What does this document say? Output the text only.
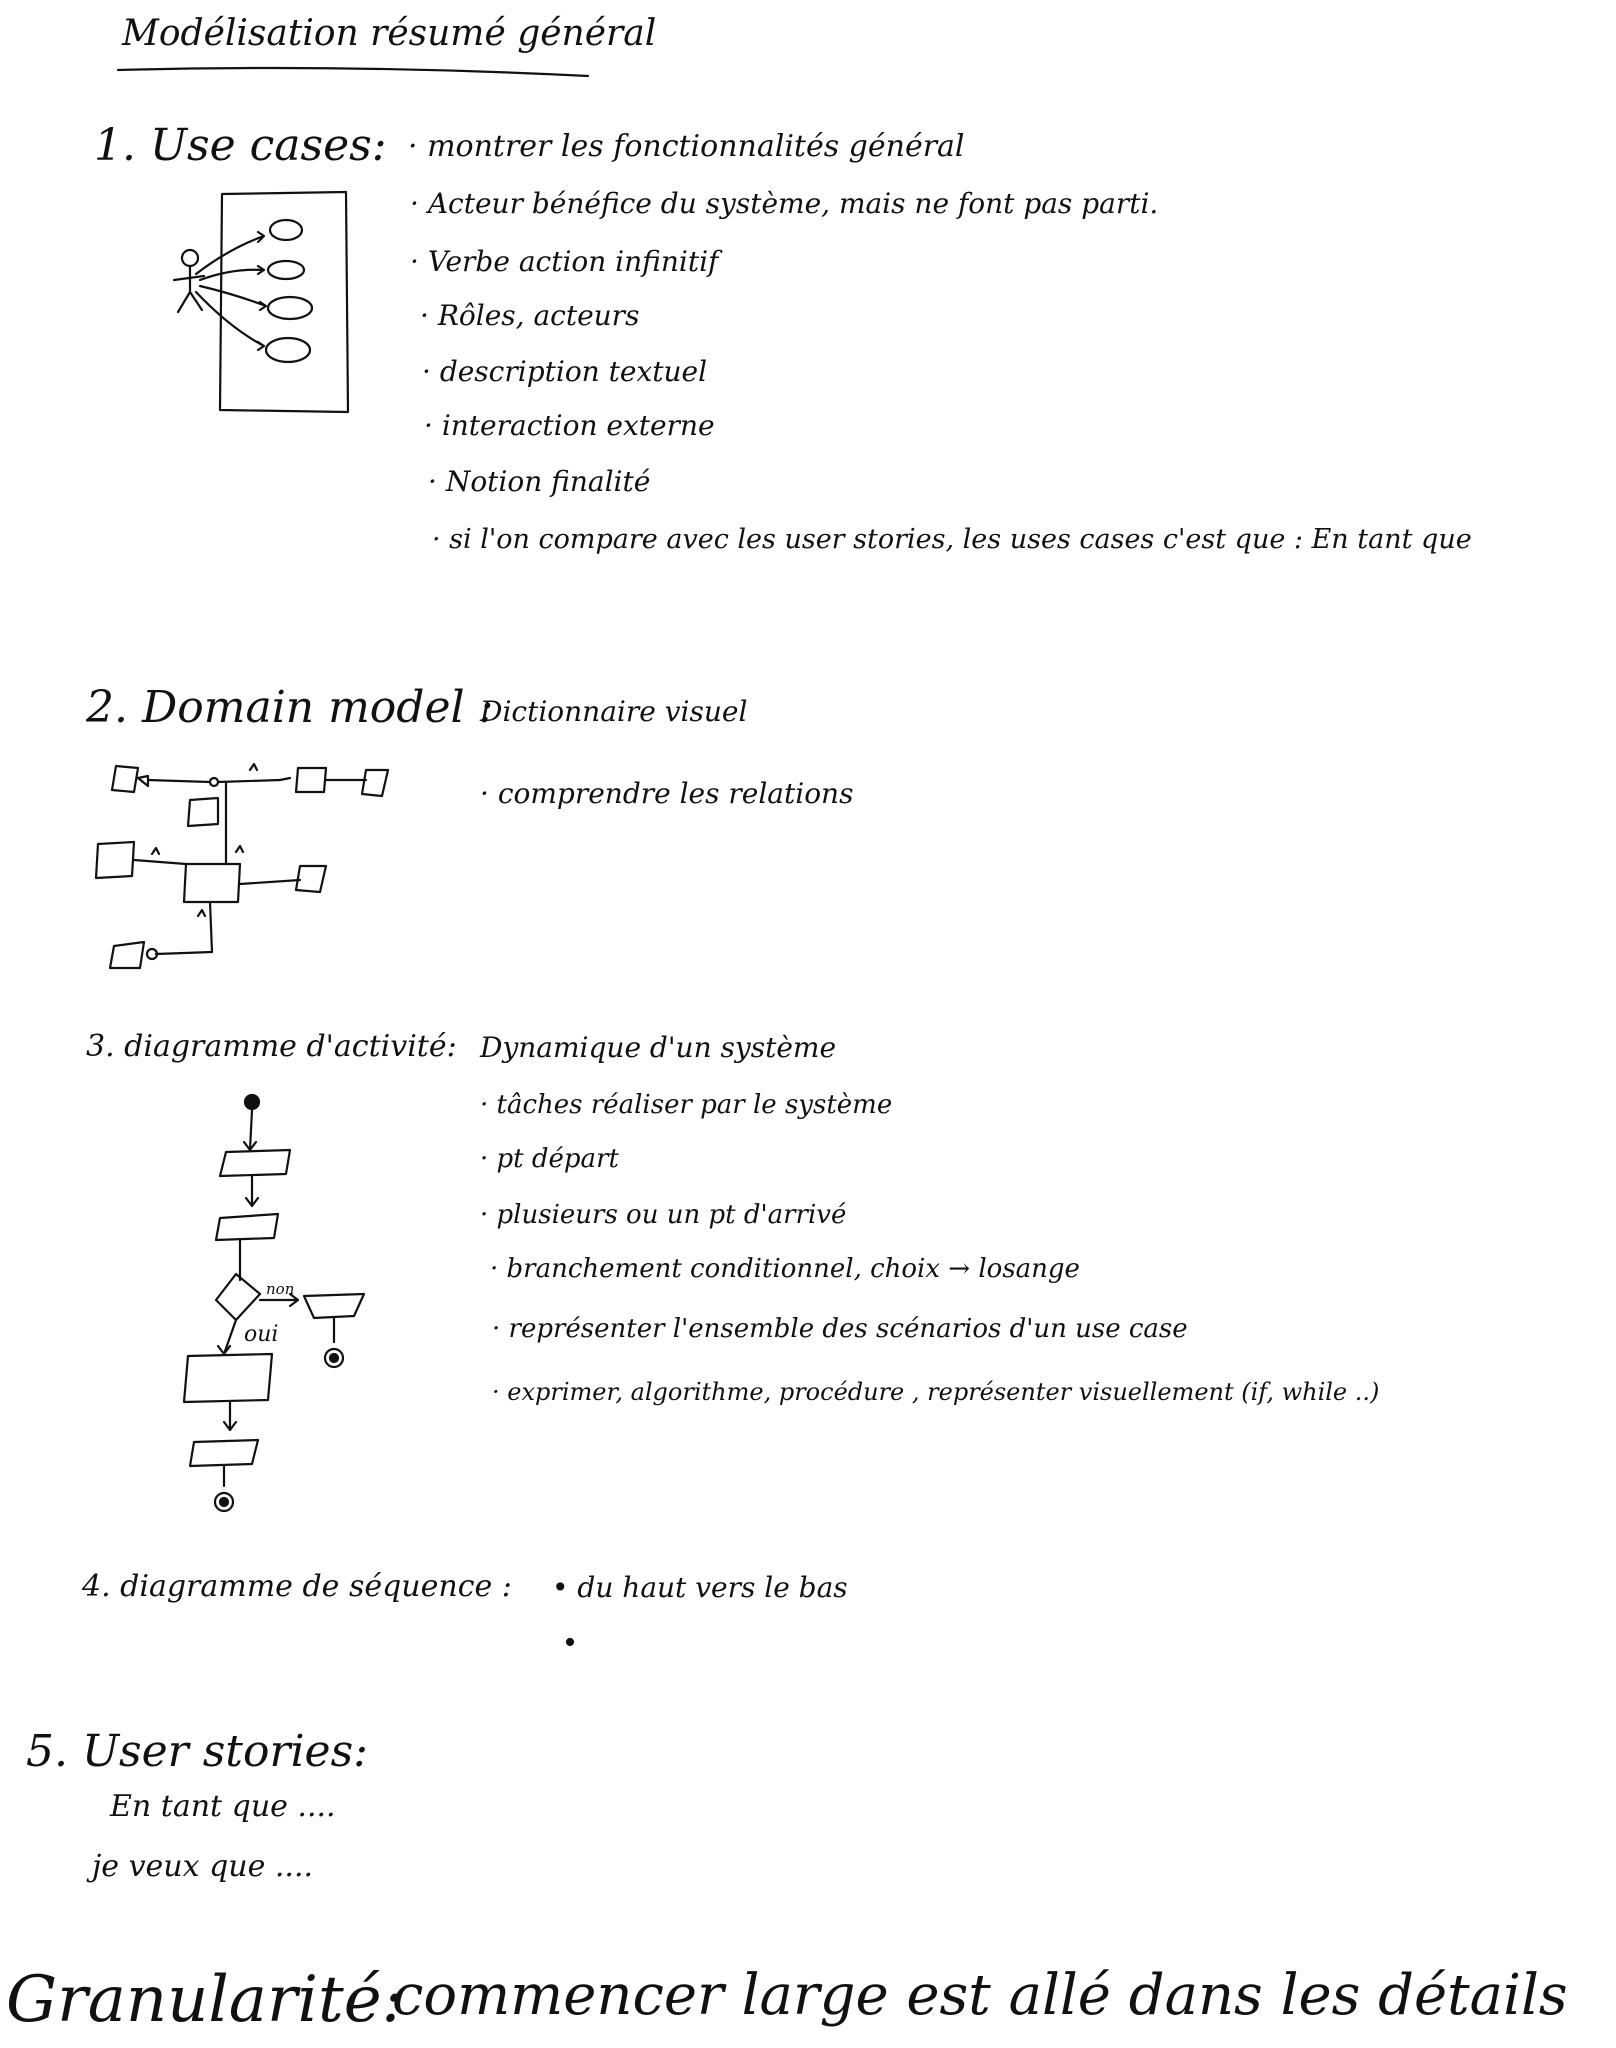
Modélisation résumé général
1. Use cases: · montrer les fonctionnalités général
· Acteur bénéfice du système, mais ne font pas parti.
· Verbe action infinitif
· Rôles, acteurs
· description textuel
· interaction externe
· Notion finalité
· si l'on compare avec les user stories, les uses cases c'est que : En tant que
2. Domain model :
Dictionnaire visuel
· comprendre les relations
3. diagramme d'activité: Dynamique d'un système
· tâches réaliser par le système
· pt départ
· plusieurs ou un pt d'arrivé
· branchement conditionnel, choix → losange
· représenter l'ensemble des scénarios d'un use case
· exprimer, algorithme, procédure , représenter visuellement (if, while ..)
non
oui
4. diagramme de séquence : • du haut vers le bas
5. User stories:
En tant que ....
je veux que ....
Granularité:
commencer large est allé dans les détails
